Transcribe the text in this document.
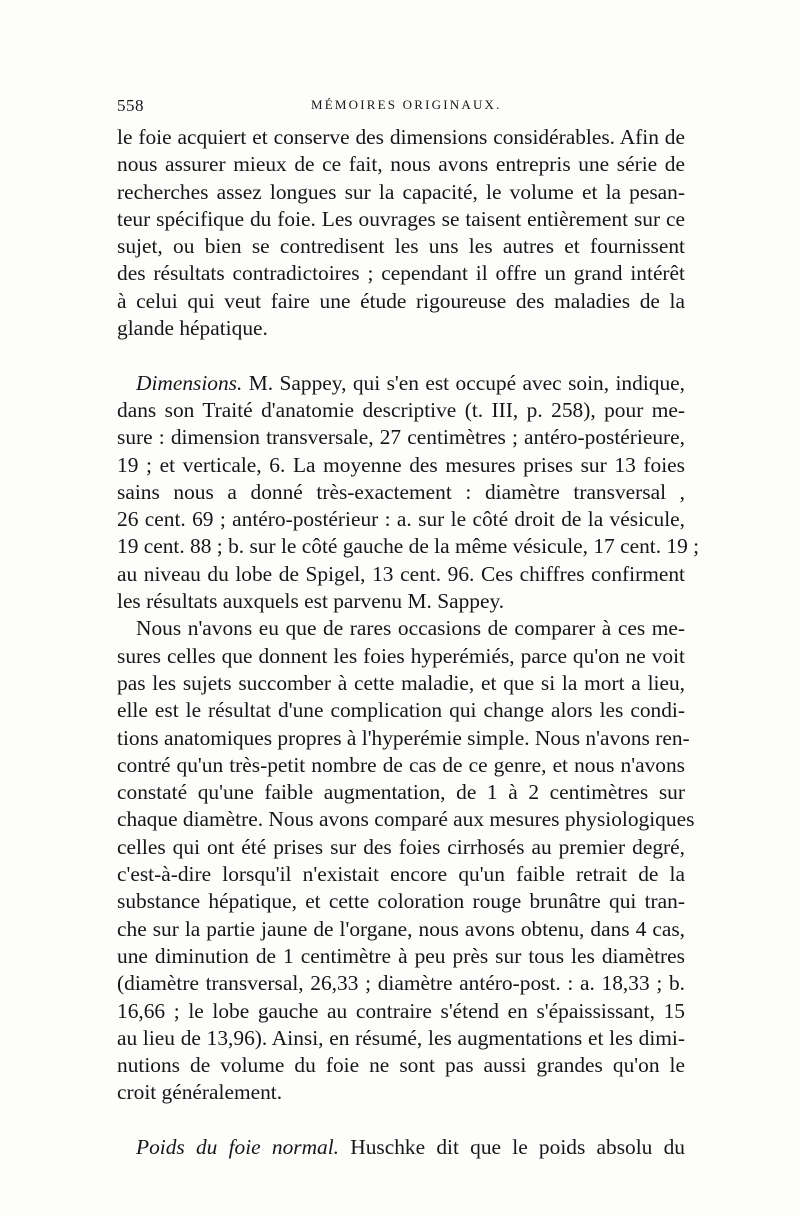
558	MÉMOIRES ORIGINAUX.
le foie acquiert et conserve des dimensions considérables. Afin de
nous assurer mieux de ce fait, nous avons entrepris une série de
recherches assez longues sur la capacité, le volume et la pesan-
teur spécifique du foie. Les ouvrages se taisent entièrement sur ce
sujet, ou bien se contredisent les uns les autres et fournissent
des résultats contradictoires ; cependant il offre un grand intérêt
à celui qui veut faire une étude rigoureuse des maladies de la
glande hépatique.
Dimensions. M. Sappey, qui s'en est occupé avec soin, indique,
dans son Traité d'anatomie descriptive (t. III, p. 258), pour me-
sure : dimension transversale, 27 centimètres ; antéro-postérieure,
19 ; et verticale, 6. La moyenne des mesures prises sur 13 foies
sains nous a donné très-exactement : diamètre transversal ,
26 cent. 69 ; antéro-postérieur : a. sur le côté droit de la vésicule,
19 cent. 88 ; b. sur le côté gauche de la même vésicule, 17 cent. 19 ;
au niveau du lobe de Spigel, 13 cent. 96. Ces chiffres confirment
les résultats auxquels est parvenu M. Sappey.
Nous n'avons eu que de rares occasions de comparer à ces me-
sures celles que donnent les foies hyperémiés, parce qu'on ne voit
pas les sujets succomber à cette maladie, et que si la mort a lieu,
elle est le résultat d'une complication qui change alors les condi-
tions anatomiques propres à l'hyperémie simple. Nous n'avons ren-
contré qu'un très-petit nombre de cas de ce genre, et nous n'avons
constaté qu'une faible augmentation, de 1 à 2 centimètres sur
chaque diamètre. Nous avons comparé aux mesures physiologiques
celles qui ont été prises sur des foies cirrhosés au premier degré,
c'est-à-dire lorsqu'il n'existait encore qu'un faible retrait de la
substance hépatique, et cette coloration rouge brunâtre qui tran-
che sur la partie jaune de l'organe, nous avons obtenu, dans 4 cas,
une diminution de 1 centimètre à peu près sur tous les diamètres
(diamètre transversal, 26,33 ; diamètre antéro-post. : a. 18,33 ; b.
16,66 ; le lobe gauche au contraire s'étend en s'épaississant, 15
au lieu de 13,96). Ainsi, en résumé, les augmentations et les dimi-
nutions de volume du foie ne sont pas aussi grandes qu'on le
croit généralement.
Poids du foie normal. Huschke dit que le poids absolu du
